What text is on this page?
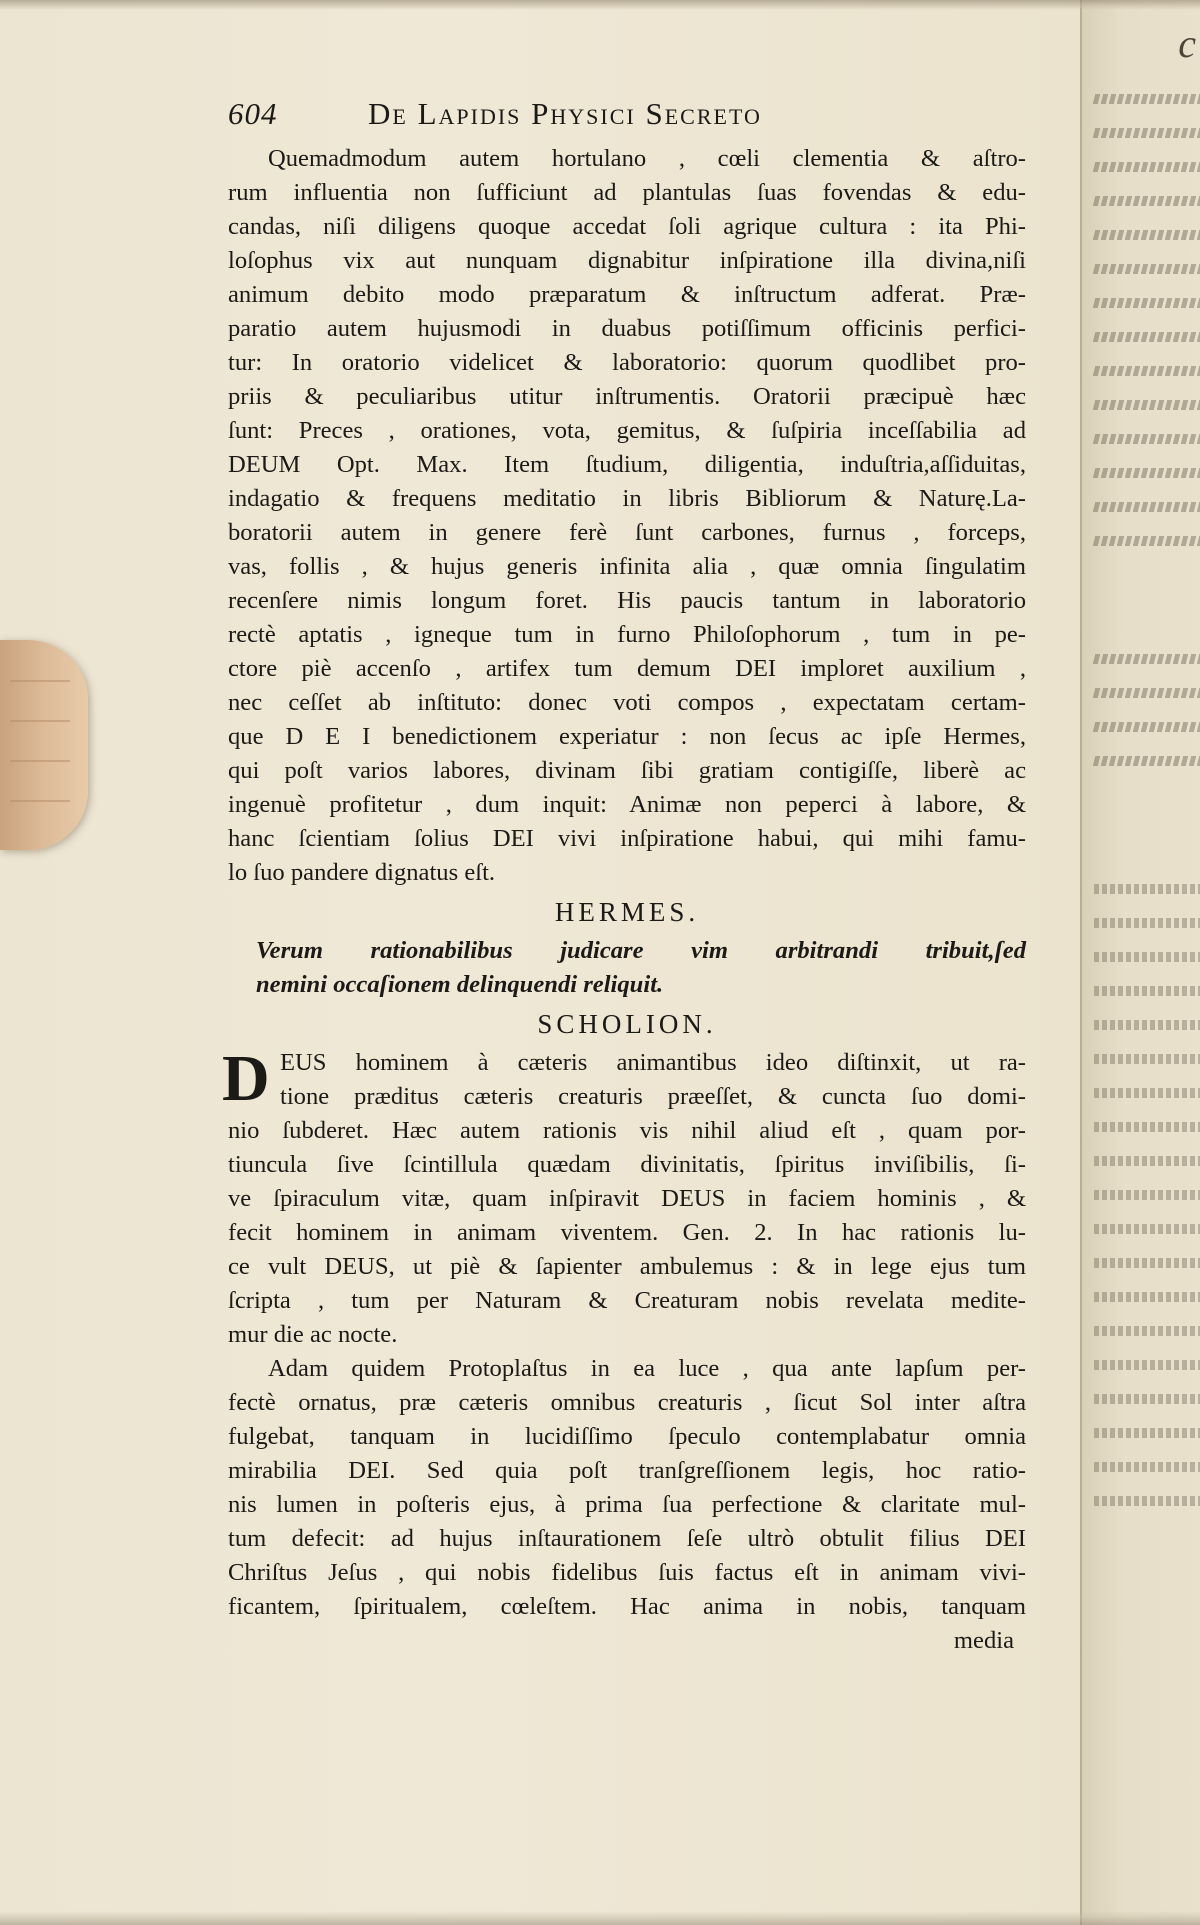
c
604	De Lapidis Physici Secreto
Quemadmodum autem hortulano , cœli clementia & aſtro-
rum influentia non ſufficiunt ad plantulas ſuas fovendas & edu-
candas, niſi diligens quoque accedat ſoli agrique cultura : ita Phi-
loſophus vix aut nunquam dignabitur inſpiratione illa divina,niſi
animum debito modo præparatum & inſtructum adferat. Præ-
paratio autem hujusmodi in duabus potiſſimum officinis perfici-
tur: In oratorio videlicet & laboratorio: quorum quodlibet pro-
priis & peculiaribus utitur inſtrumentis. Oratorii præcipuè hæc
ſunt: Preces , orationes, vota, gemitus, & ſuſpiria inceſſabilia ad
DEUM Opt. Max. Item ſtudium, diligentia, induſtria,aſſiduitas,
indagatio & frequens meditatio in libris Bibliorum & Naturę.La-
boratorii autem in genere ferè ſunt carbones, furnus , forceps,
vas, follis , & hujus generis infinita alia , quæ omnia ſingulatim
recenſere nimis longum foret. His paucis tantum in laboratorio
rectè aptatis , igneque tum in furno Philoſophorum , tum in pe-
ctore piè accenſo , artifex tum demum DEI imploret auxilium ,
nec ceſſet ab inſtituto: donec voti compos , expectatam certam-
que D E I benedictionem experiatur : non ſecus ac ipſe Hermes,
qui poſt varios labores, divinam ſibi gratiam contigiſſe, liberè ac
ingenuè profitetur , dum inquit: Animæ non peperci à labore, &
hanc ſcientiam ſolius DEI vivi inſpiratione habui, qui mihi famu-
lo ſuo pandere dignatus eſt.
HERMES.
Verum rationabilibus judicare vim arbitrandi tribuit,ſed
nemini occaſionem delinquendi reliquit.
SCHOLION.
D EUS hominem à cæteris animantibus ideo diſtinxit, ut ra-
tione præditus cæteris creaturis præeſſet, & cuncta ſuo domi-
nio ſubderet. Hæc autem rationis vis nihil aliud eſt , quam por-
tiuncula ſive ſcintillula quædam divinitatis, ſpiritus inviſibilis, ſi-
ve ſpiraculum vitæ, quam inſpiravit DEUS in faciem hominis , &
fecit hominem in animam viventem. Gen. 2. In hac rationis lu-
ce vult DEUS, ut piè & ſapienter ambulemus : & in lege ejus tum
ſcripta , tum per Naturam & Creaturam nobis revelata medite-
mur die ac nocte.
Adam quidem Protoplaſtus in ea luce , qua ante lapſum per-
fectè ornatus, præ cæteris omnibus creaturis , ſicut Sol inter aſtra
fulgebat, tanquam in lucidiſſimo ſpeculo contemplabatur omnia
mirabilia DEI. Sed quia poſt tranſgreſſionem legis, hoc ratio-
nis lumen in poſteris ejus, à prima ſua perfectione & claritate mul-
tum defecit: ad hujus inſtaurationem ſeſe ultrò obtulit filius DEI
Chriſtus Jeſus , qui nobis fidelibus ſuis factus eſt in animam vivi-
ficantem, ſpiritualem, cœleſtem. Hac anima in nobis, tanquam
media
